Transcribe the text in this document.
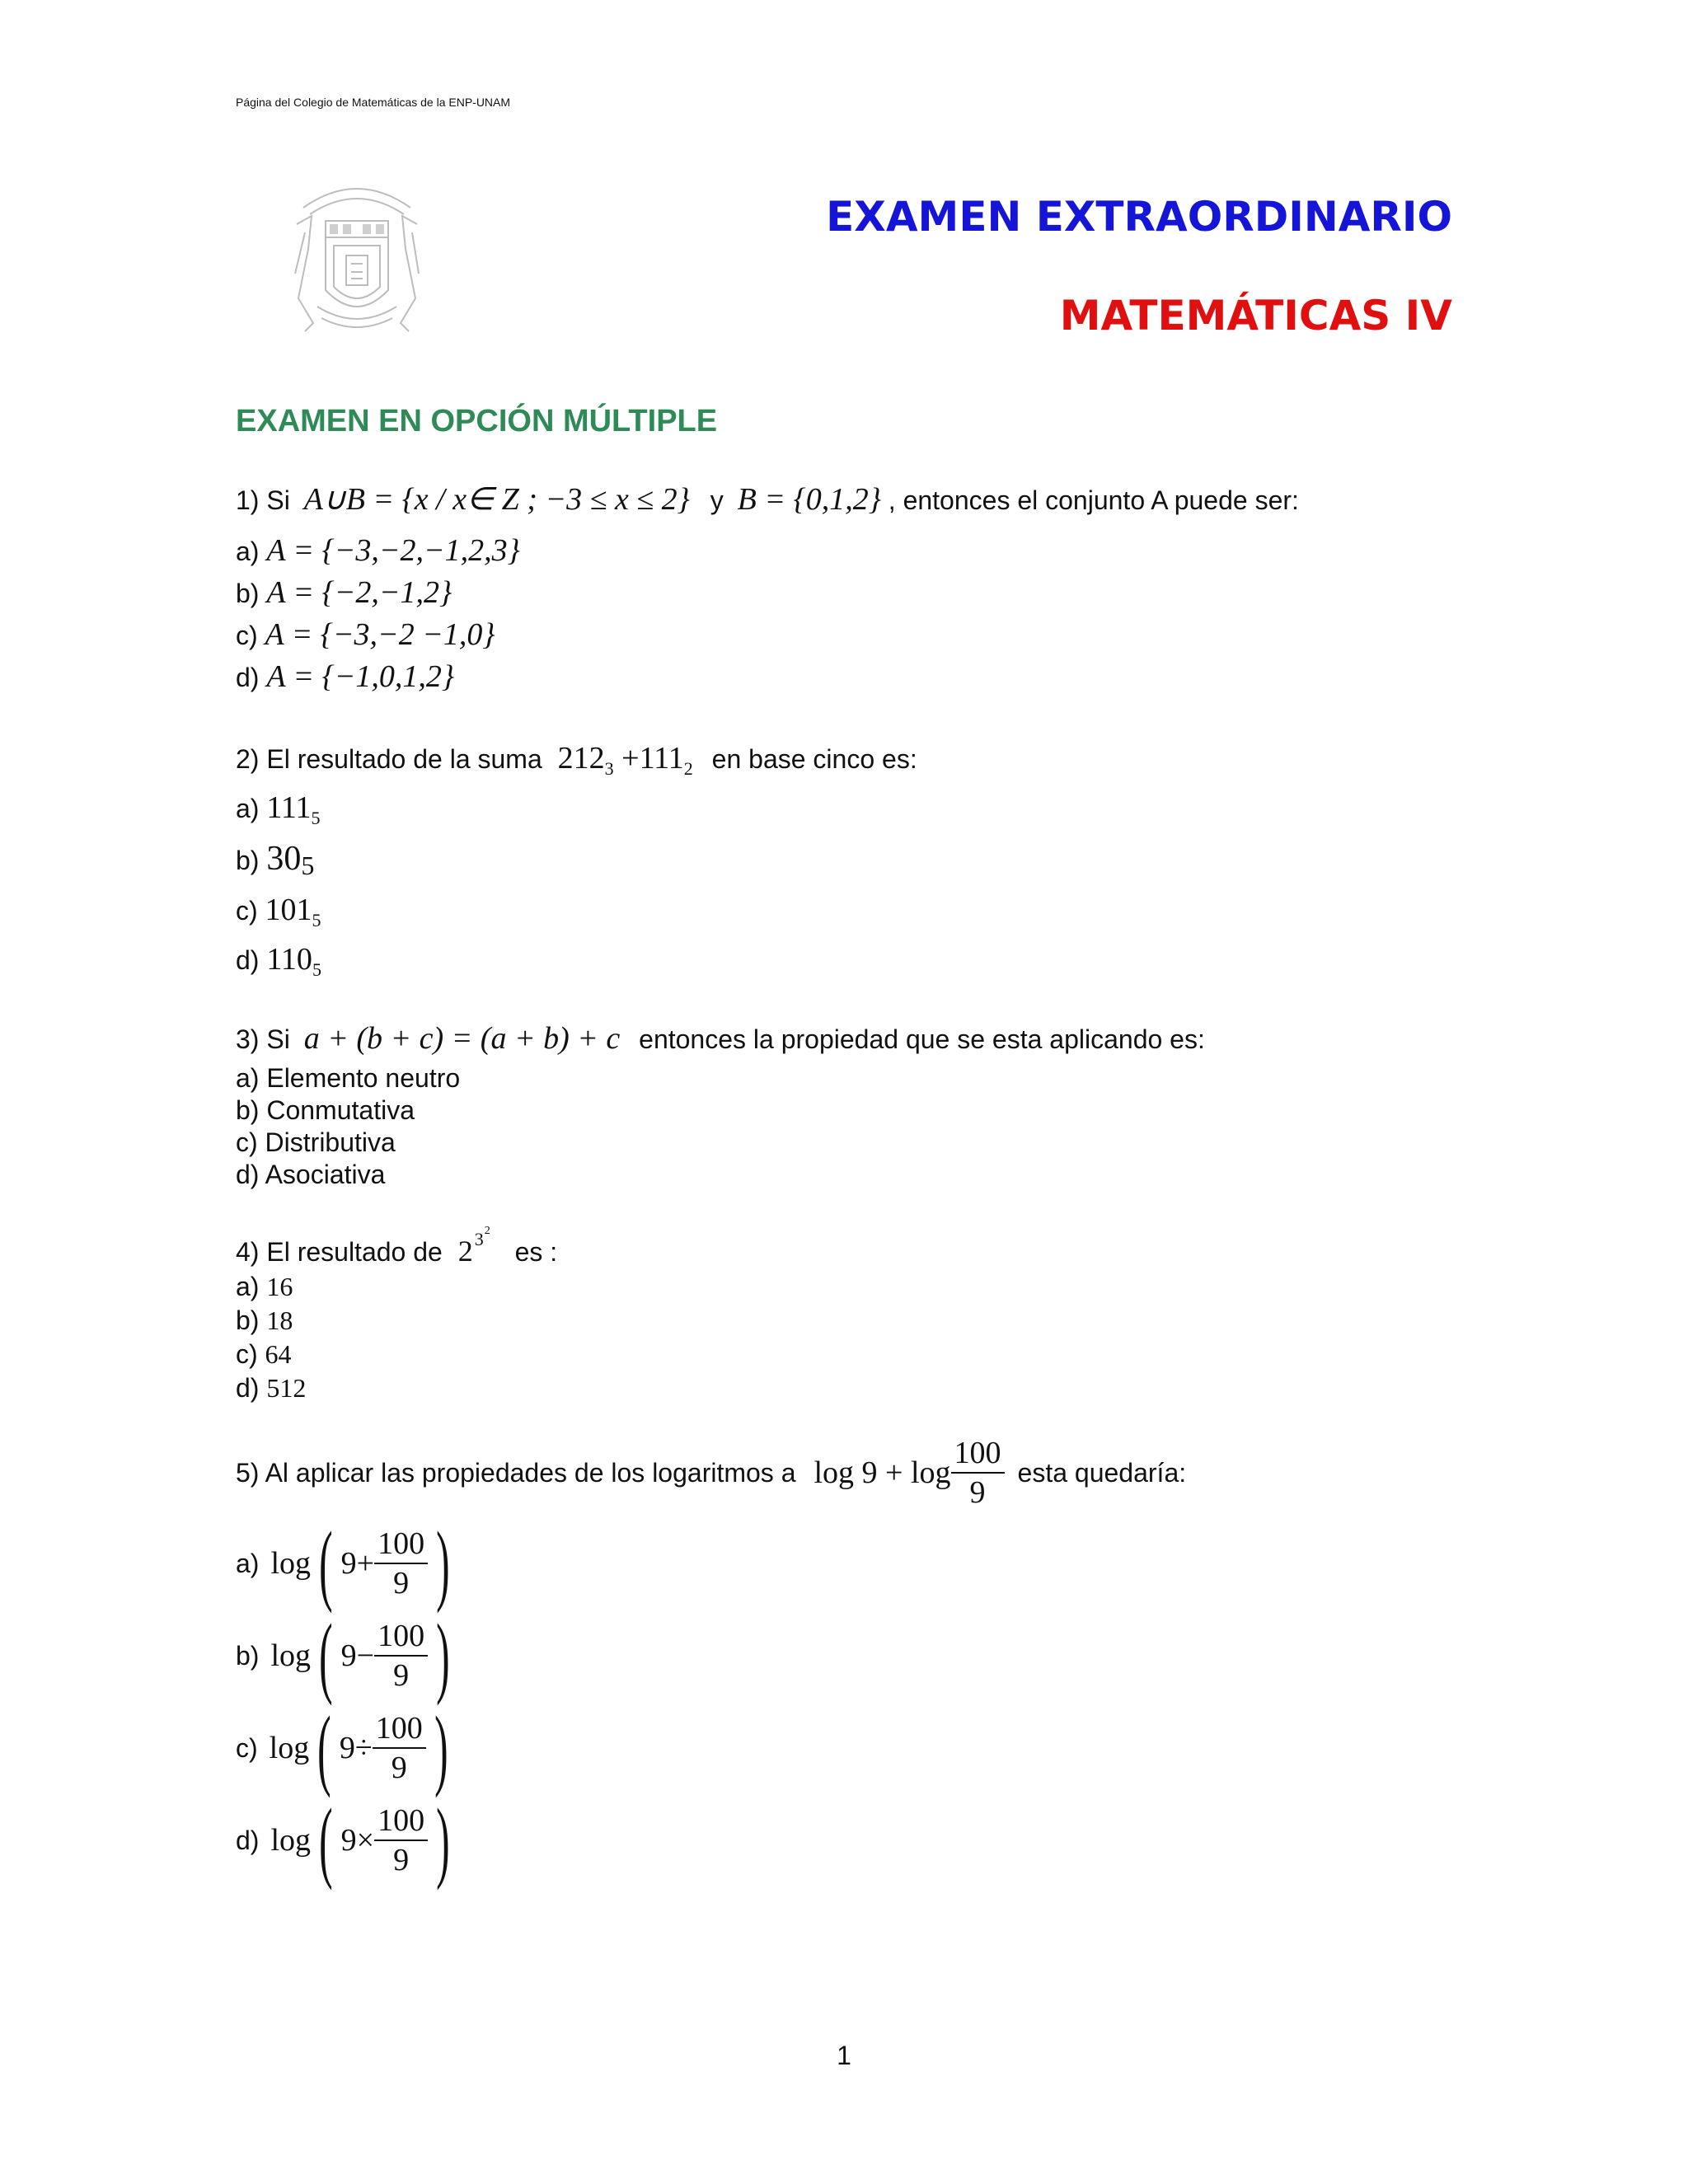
Página del Colegio de Matemáticas de la ENP-UNAM
EXAMEN EXTRAORDINARIO
MATEMÁTICAS IV
EXAMEN EN OPCIÓN MÚLTIPLE
1) Si A∪B = {x / x∈ Z ; −3 ≤ x ≤ 2} y B = {0,1,2} , entonces el conjunto A puede ser:
a) A = {−3,−2,−1,2,3}
b) A = {−2,−1,2}
c) A = {−3,−2 −1,0}
d) A = {−1,0,1,2}
2) El resultado de la suma $212_3 +111_2$ en base cinco es:
a) $111_5$
b) $30_5$
c) $101_5$
d) $110_5$
3) Si a + (b + c) = (a + b) + c entonces la propiedad que se esta aplicando es:
a) Elemento neutro
b) Conmutativa
c) Distributiva
d) Asociativa
4) El resultado de 2 3 2
es :
a) 16
b) 18
c) 64
d) 512
5) Al aplicar las propiedades de los logaritmos a $\log 9 + \log \frac{100}{9}$ esta quedaría:
a) log ( $9+ \frac{100}{9}$ )
b) log ( $9- \frac{100}{9}$ )
c) log ( $9\div \frac{100}{9}$ )
d) log ( $9\times \frac{100}{9}$ )
1
